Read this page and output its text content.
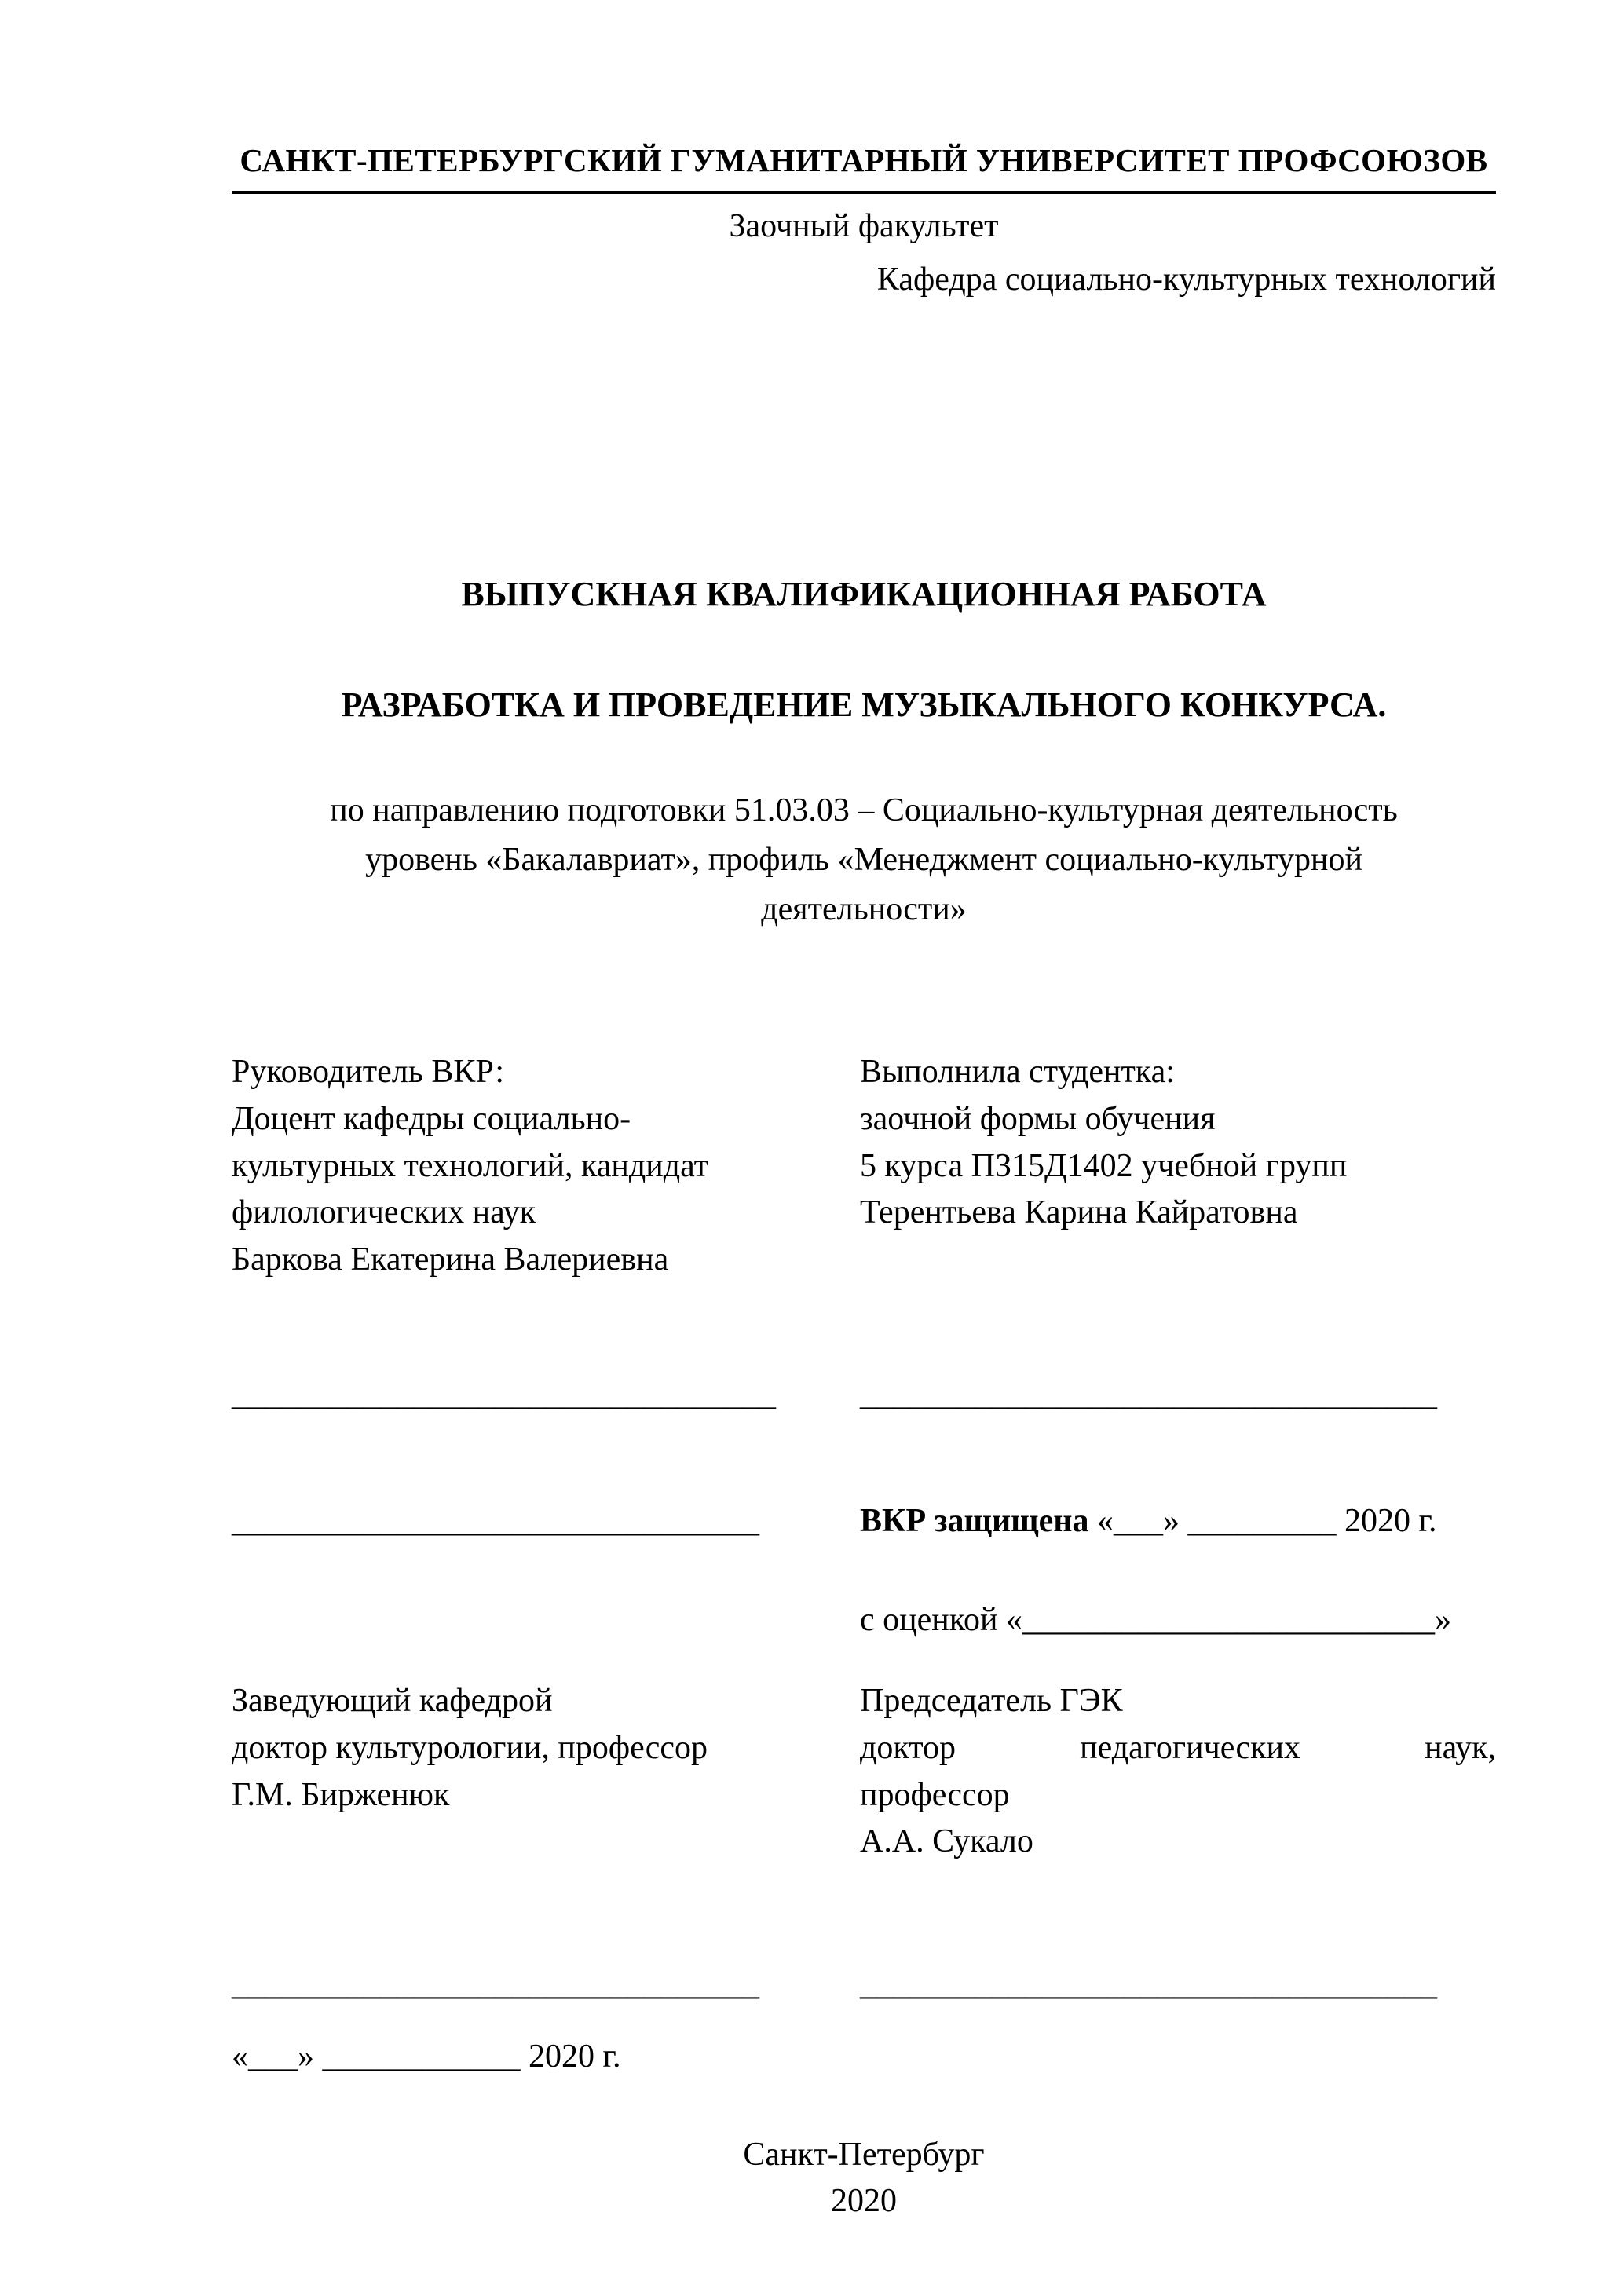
САНКТ-ПЕТЕРБУРГСКИЙ ГУМАНИТАРНЫЙ УНИВЕРСИТЕТ ПРОФСОЮЗОВ
Заочный факультет
Кафедра социально-культурных технологий
ВЫПУСКНАЯ КВАЛИФИКАЦИОННАЯ РАБОТА
РАЗРАБОТКА И ПРОВЕДЕНИЕ МУЗЫКАЛЬНОГО КОНКУРСА.
по направлению подготовки 51.03.03 – Социально-культурная деятельность
уровень «Бакалавриат», профиль «Менеджмент социально-культурной
деятельности»
Руководитель ВКР:
Доцент кафедры социально-
культурных технологий, кандидат
филологических наук
Баркова Екатерина Валериевна
Выполнила студентка:
заочной формы обучения
5 курса ПЗ15Д1402 учебной групп
Терентьева Карина Кайратовна
_________________________________	___________________________________
________________________________	ВКР защищена «___» _________ 2020 г.
с оценкой «_________________________»
Заведующий кафедрой
доктор культурологии, профессор
Г.М. Бирженюк
Председатель ГЭК
доктор	педагогических	наук,
профессор
А.А. Сукало
________________________________	___________________________________
«___» ____________ 2020 г.
Санкт-Петербург
2020
